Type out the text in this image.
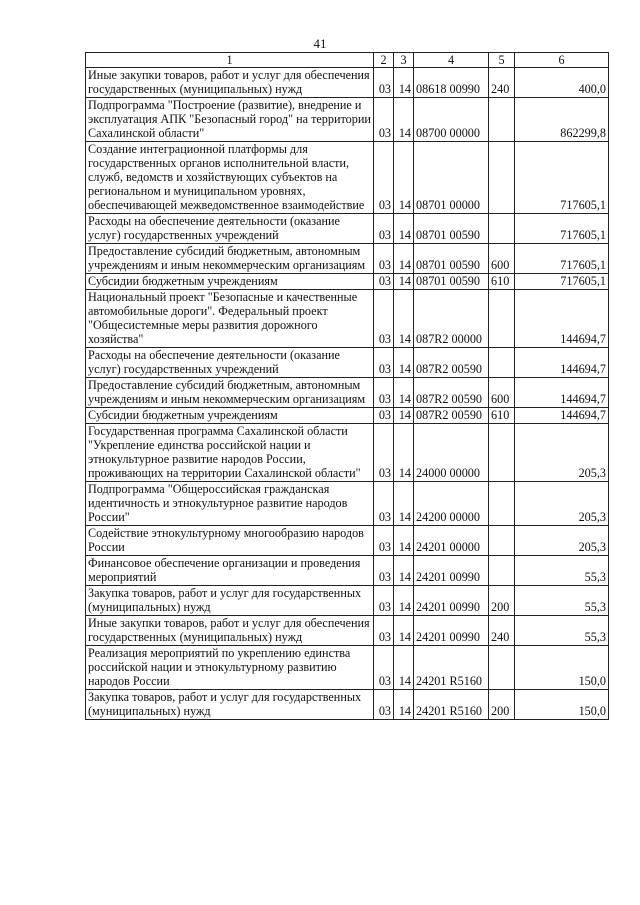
41
1	2	3	4	5	6
Иные закупки товаров, работ и услуг для обеспечения государственных (муниципальных) нужд	03	14	08618 00990	240	400,0
Подпрограмма "Построение (развитие), внедрение и эксплуатация АПК "Безопасный город" на территории Сахалинской области"	03	14	08700 00000		862299,8
Создание интеграционной платформы для государственных органов исполнительной власти, служб, ведомств и хозяйствующих субъектов на региональном и муниципальном уровнях, обеспечивающей межведомственное взаимодействие	03	14	08701 00000		717605,1
Расходы на обеспечение деятельности (оказание услуг) государственных учреждений	03	14	08701 00590		717605,1
Предоставление субсидий бюджетным, автономным учреждениям и иным некоммерческим организациям	03	14	08701 00590	600	717605,1
Субсидии бюджетным учреждениям	03	14	08701 00590	610	717605,1
Национальный проект "Безопасные и качественные автомобильные дороги". Федеральный проект "Общесистемные меры развития дорожного хозяйства"	03	14	087R2 00000		144694,7
Расходы на обеспечение деятельности (оказание услуг) государственных учреждений	03	14	087R2 00590		144694,7
Предоставление субсидий бюджетным, автономным учреждениям и иным некоммерческим организациям	03	14	087R2 00590	600	144694,7
Субсидии бюджетным учреждениям	03	14	087R2 00590	610	144694,7
Государственная программа Сахалинской области "Укрепление единства российской нации и этнокультурное развитие народов России, проживающих на территории Сахалинской области"	03	14	24000 00000		205,3
Подпрограмма "Общероссийская гражданская идентичность и этнокультурное развитие народов России"	03	14	24200 00000		205,3
Содействие этнокультурному многообразию народов России	03	14	24201 00000		205,3
Финансовое обеспечение организации и проведения мероприятий	03	14	24201 00990		55,3
Закупка товаров, работ и услуг для государственных (муниципальных) нужд	03	14	24201 00990	200	55,3
Иные закупки товаров, работ и услуг для обеспечения государственных (муниципальных) нужд	03	14	24201 00990	240	55,3
Реализация мероприятий по укреплению единства российской нации и этнокультурному развитию народов России	03	14	24201 R5160		150,0
Закупка товаров, работ и услуг для государственных (муниципальных) нужд	03	14	24201 R5160	200	150,0
